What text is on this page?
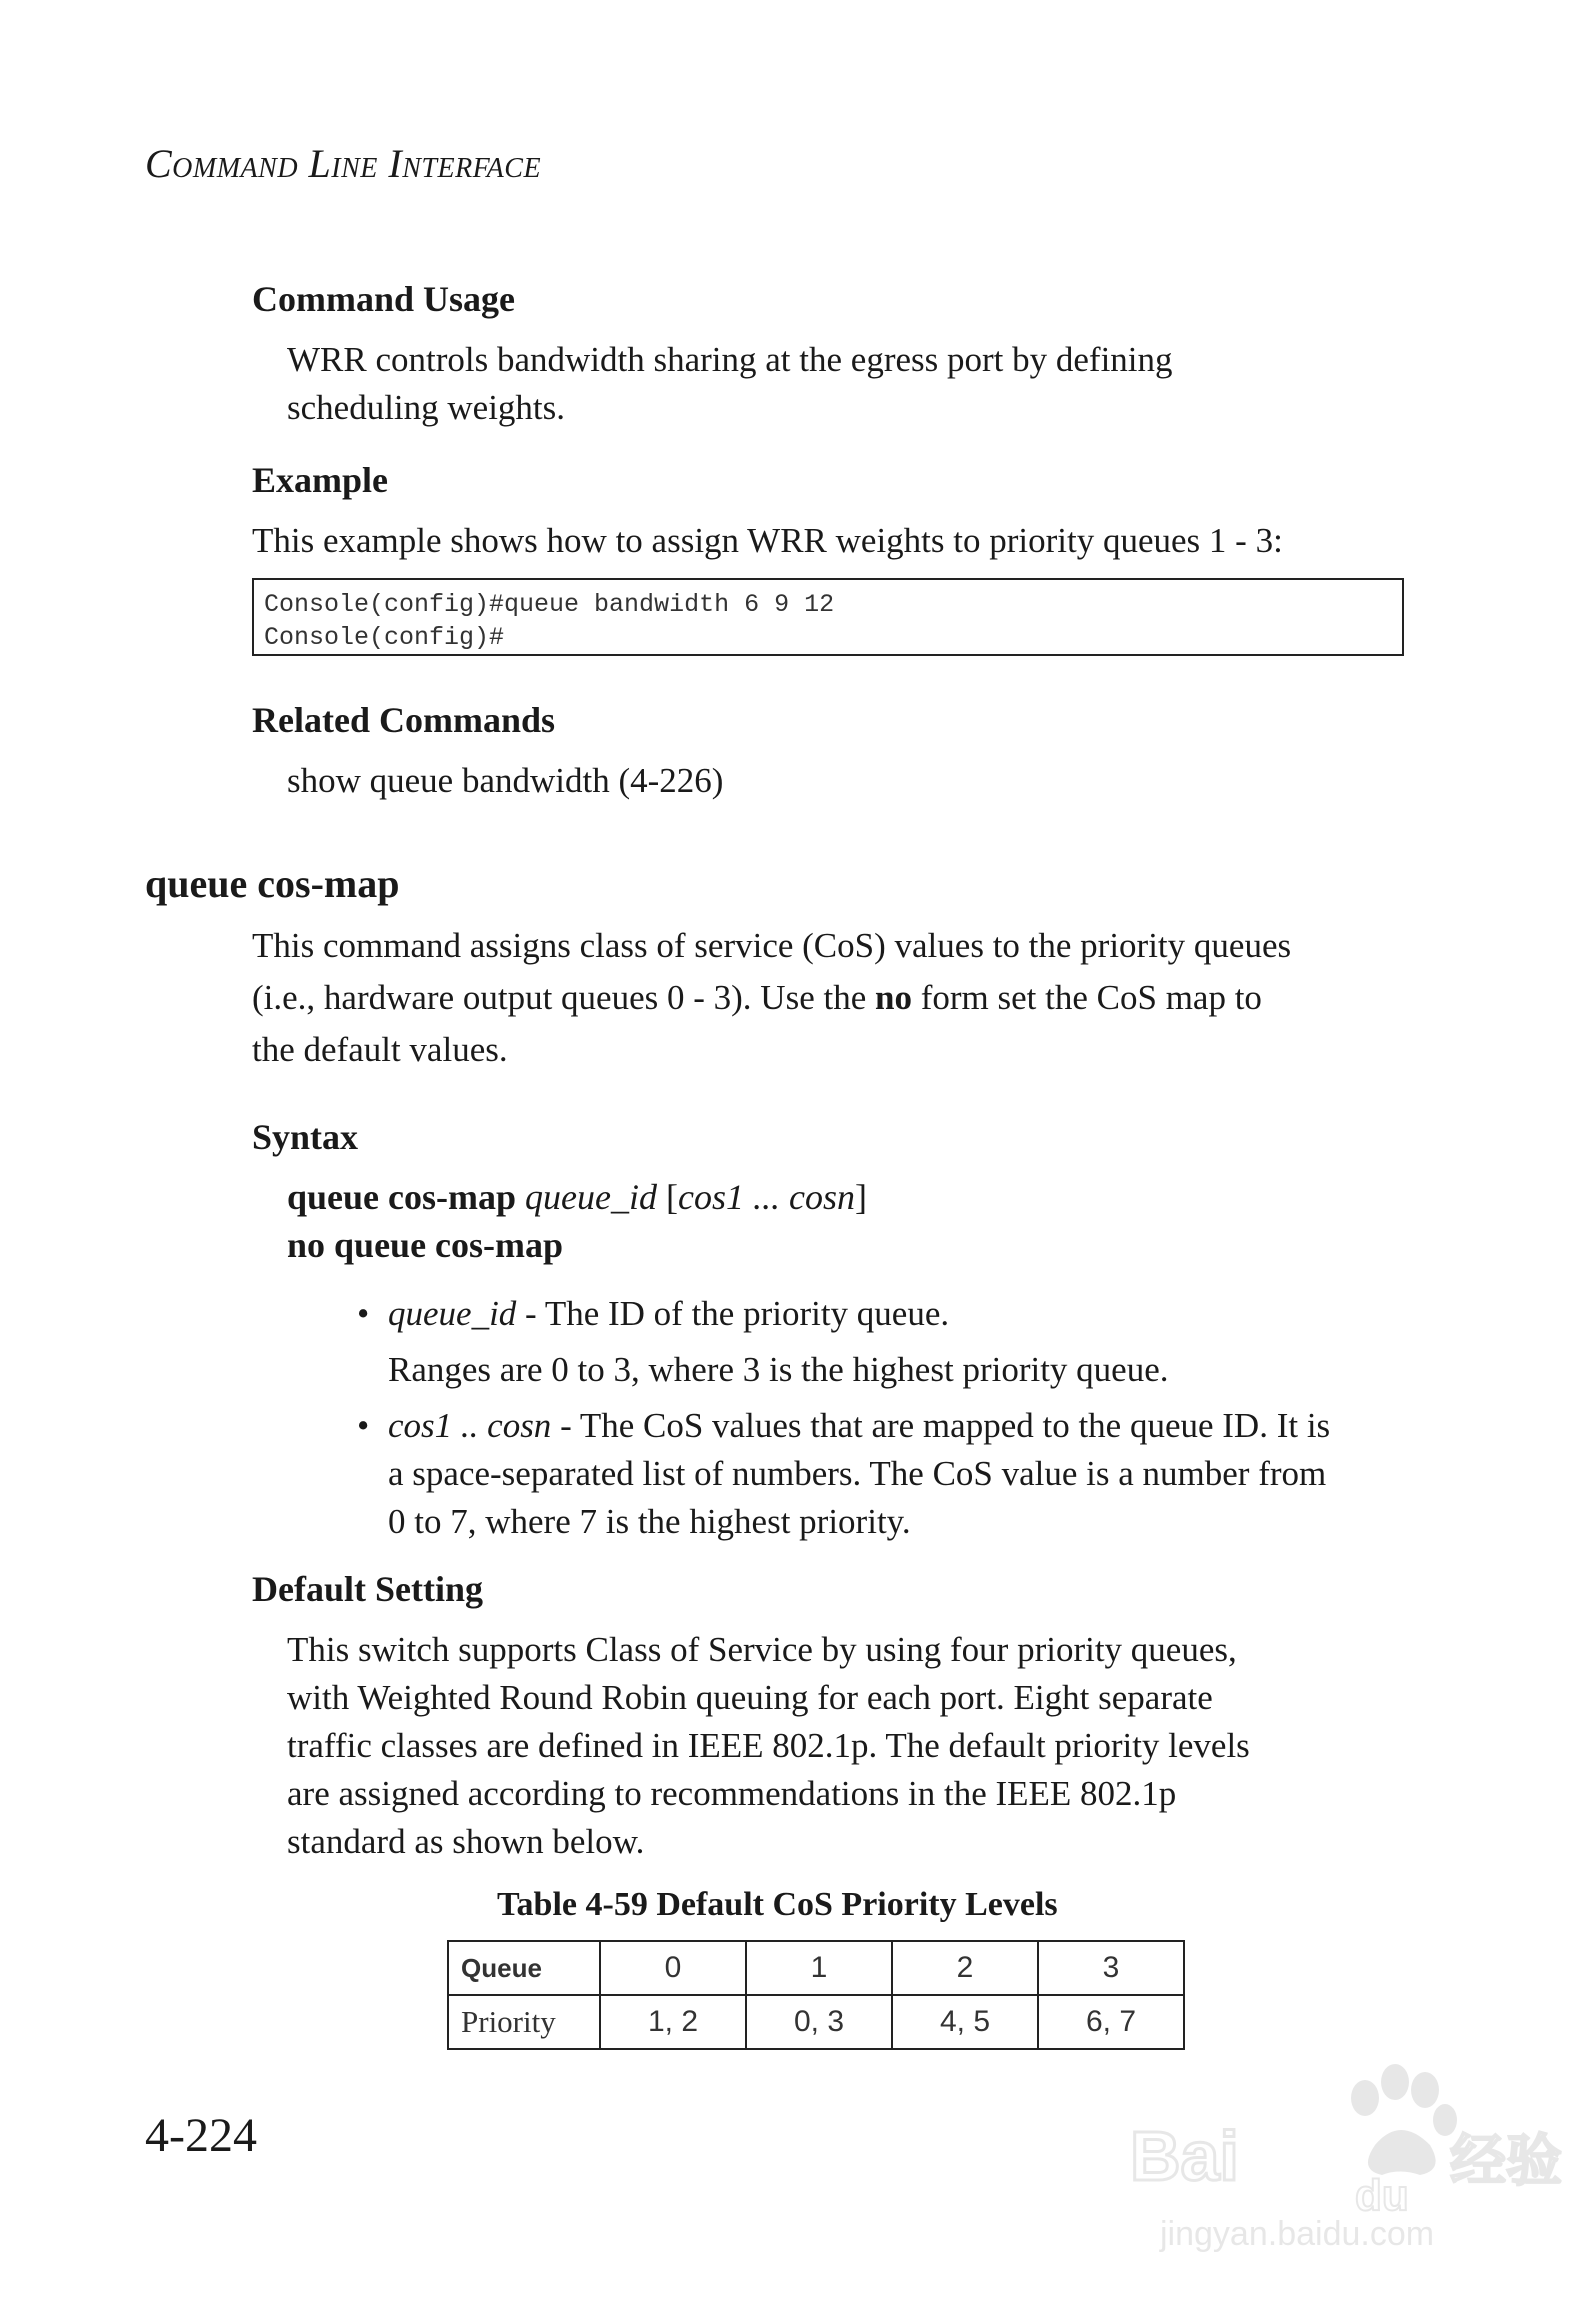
Command Line Interface
Command Usage
WRR controls bandwidth sharing at the egress port by defining
scheduling weights.
Example
This example shows how to assign WRR weights to priority queues 1 - 3:
Console(config)#queue bandwidth 6 9 12
Console(config)#
Related Commands
show queue bandwidth (4-226)
queue cos-map
This command assigns class of service (CoS) values to the priority queues
(i.e., hardware output queues 0 - 3). Use the no form set the CoS map to
the default values.
Syntax
queue cos-map queue_id [cos1 ... cosn]
no queue cos-map
• queue_id - The ID of the priority queue.
Ranges are 0 to 3, where 3 is the highest priority queue.
• cos1 .. cosn - The CoS values that are mapped to the queue ID. It is
a space-separated list of numbers. The CoS value is a number from
0 to 7, where 7 is the highest priority.
Default Setting
This switch supports Class of Service by using four priority queues,
with Weighted Round Robin queuing for each port. Eight separate
traffic classes are defined in IEEE 802.1p. The default priority levels
are assigned according to recommendations in the IEEE 802.1p
standard as shown below.
Table 4-59 Default CoS Priority Levels
Queue	0	1	2	3
Priority	1, 2	0, 3	4, 5	6, 7
4-224	Bai
du
经验
jingyan.baidu.com
